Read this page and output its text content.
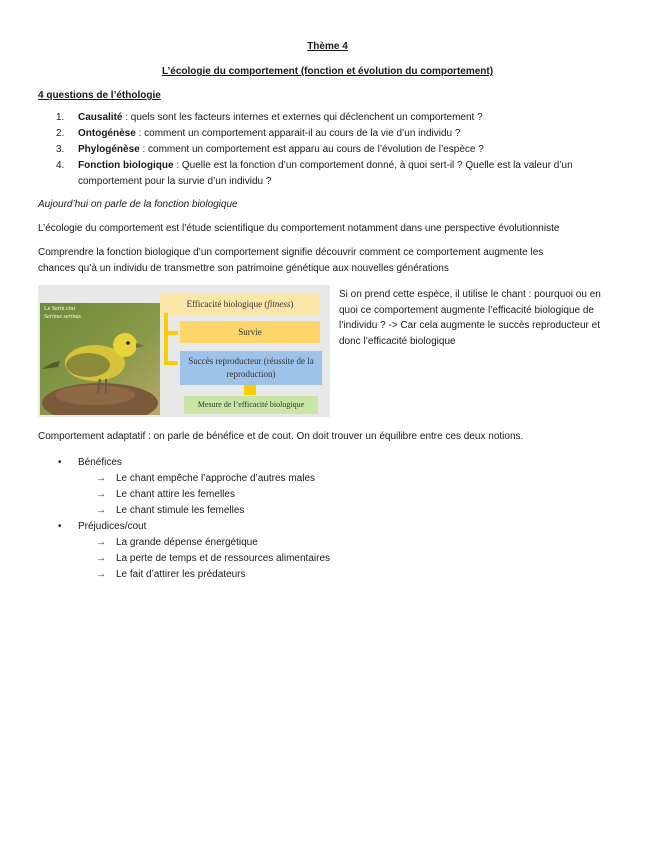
Thème 4
L’écologie du comportement (fonction et évolution du comportement)
4 questions de l’éthologie
1. Causalité : quels sont les facteurs internes et externes qui déclenchent un comportement ?
2. Ontogénèse : comment un comportement apparait-il au cours de la vie d’un individu ?
3. Phylogénèse : comment un comportement est apparu au cours de l’évolution de l’espèce ?
4. Fonction biologique : Quelle est la fonction d’un comportement donné, à quoi sert-il ? Quelle est la valeur d’un comportement pour la survie d’un individu ?
Aujourd’hui on parle de la fonction biologique
L’écologie du comportement est l’étude scientifique du comportement notamment dans une perspective évolutionniste
Comprendre la fonction biologique d’un comportement signifie découvrir comment ce comportement augmente les
chances qu’à un individu de transmettre son patrimoine génétique aux nouvelles générations
Le Serin cini
Serinus serinus
Efficacité biologique (fitness)
Survie
Succès reproducteur (réussite de la
reproduction)
Mesure de l’efficacité biologique
Si on prend cette espèce, il utilise le chant : pourquoi ou en quoi ce comportement augmente l’efficacité biologique de l’individu ? -> Car cela augmente le succès reproducteur et donc l’efficacité biologique
Comportement adaptatif : on parle de bénéfice et de cout. On doit trouver un équilibre entre ces deux notions.
• Bénéfices
→ Le chant empêche l’approche d’autres males
→ Le chant attire les femelles
→ Le chant stimule les femelles
• Préjudices/cout
→ La grande dépense énergétique
→ La perte de temps et de ressources alimentaires
→ Le fait d’attirer les prédateurs
